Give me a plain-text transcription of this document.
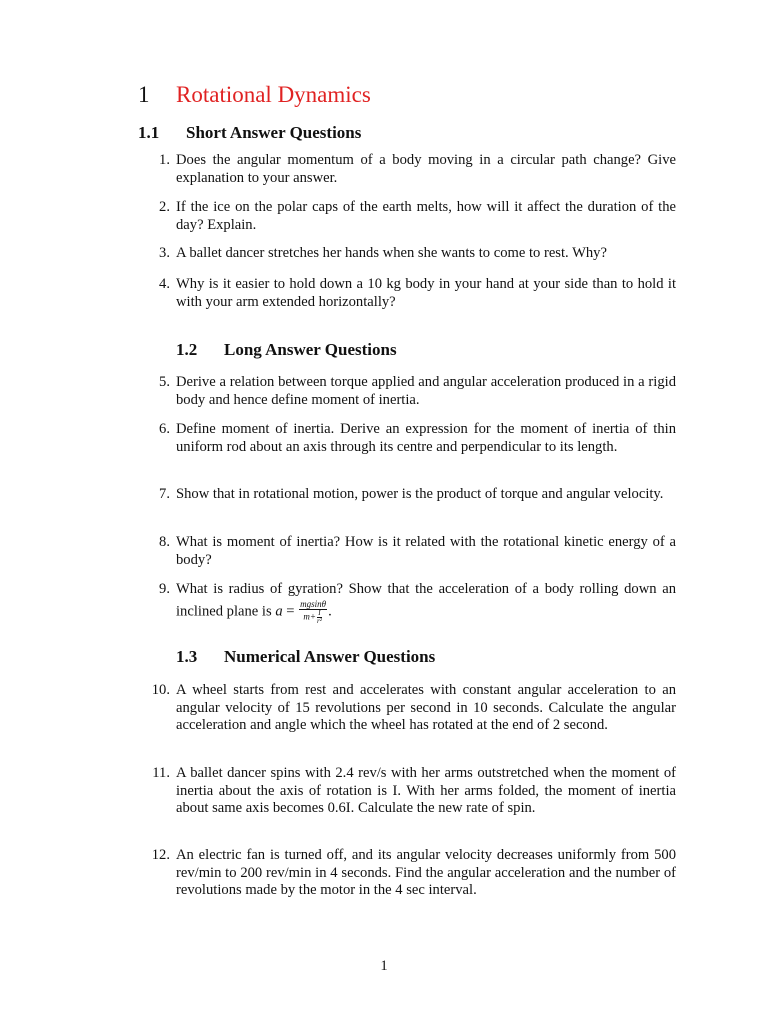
1 Rotational Dynamics
1.1 Short Answer Questions
1. Does the angular momentum of a body moving in a circular path change? Give explanation to your answer.
2. If the ice on the polar caps of the earth melts, how will it affect the duration of the day? Explain.
3. A ballet dancer stretches her hands when she wants to come to rest. Why?
4. Why is it easier to hold down a 10 kg body in your hand at your side than to hold it with your arm extended horizontally?
1.2 Long Answer Questions
5. Derive a relation between torque applied and angular acceleration produced in a rigid body and hence define moment of inertia.
6. Define moment of inertia. Derive an expression for the moment of inertia of thin uniform rod about an axis through its centre and perpendicular to its length.
7. Show that in rotational motion, power is the product of torque and angular velocity.
8. What is moment of inertia? How is it related with the rotational kinetic energy of a body?
9. What is radius of gyration? Show that the acceleration of a body rolling down an inclined plane is $a = \frac{mgsin\theta}{m+ \frac{I}{\text{r²}}}$ .
1.3 Numerical Answer Questions
10. A wheel starts from rest and accelerates with constant angular acceleration to an angular velocity of 15 revolutions per second in 10 seconds. Calculate the angular acceleration and angle which the wheel has rotated at the end of 2 second.
11. A ballet dancer spins with 2.4 rev/s with her arms outstretched when the moment of inertia about the axis of rotation is I. With her arms folded, the moment of inertia about same axis becomes 0.6I. Calculate the new rate of spin.
12. An electric fan is turned off, and its angular velocity decreases uniformly from 500 rev/min to 200 rev/min in 4 seconds. Find the angular acceleration and the number of revolutions made by the motor in the 4 sec interval.
1
